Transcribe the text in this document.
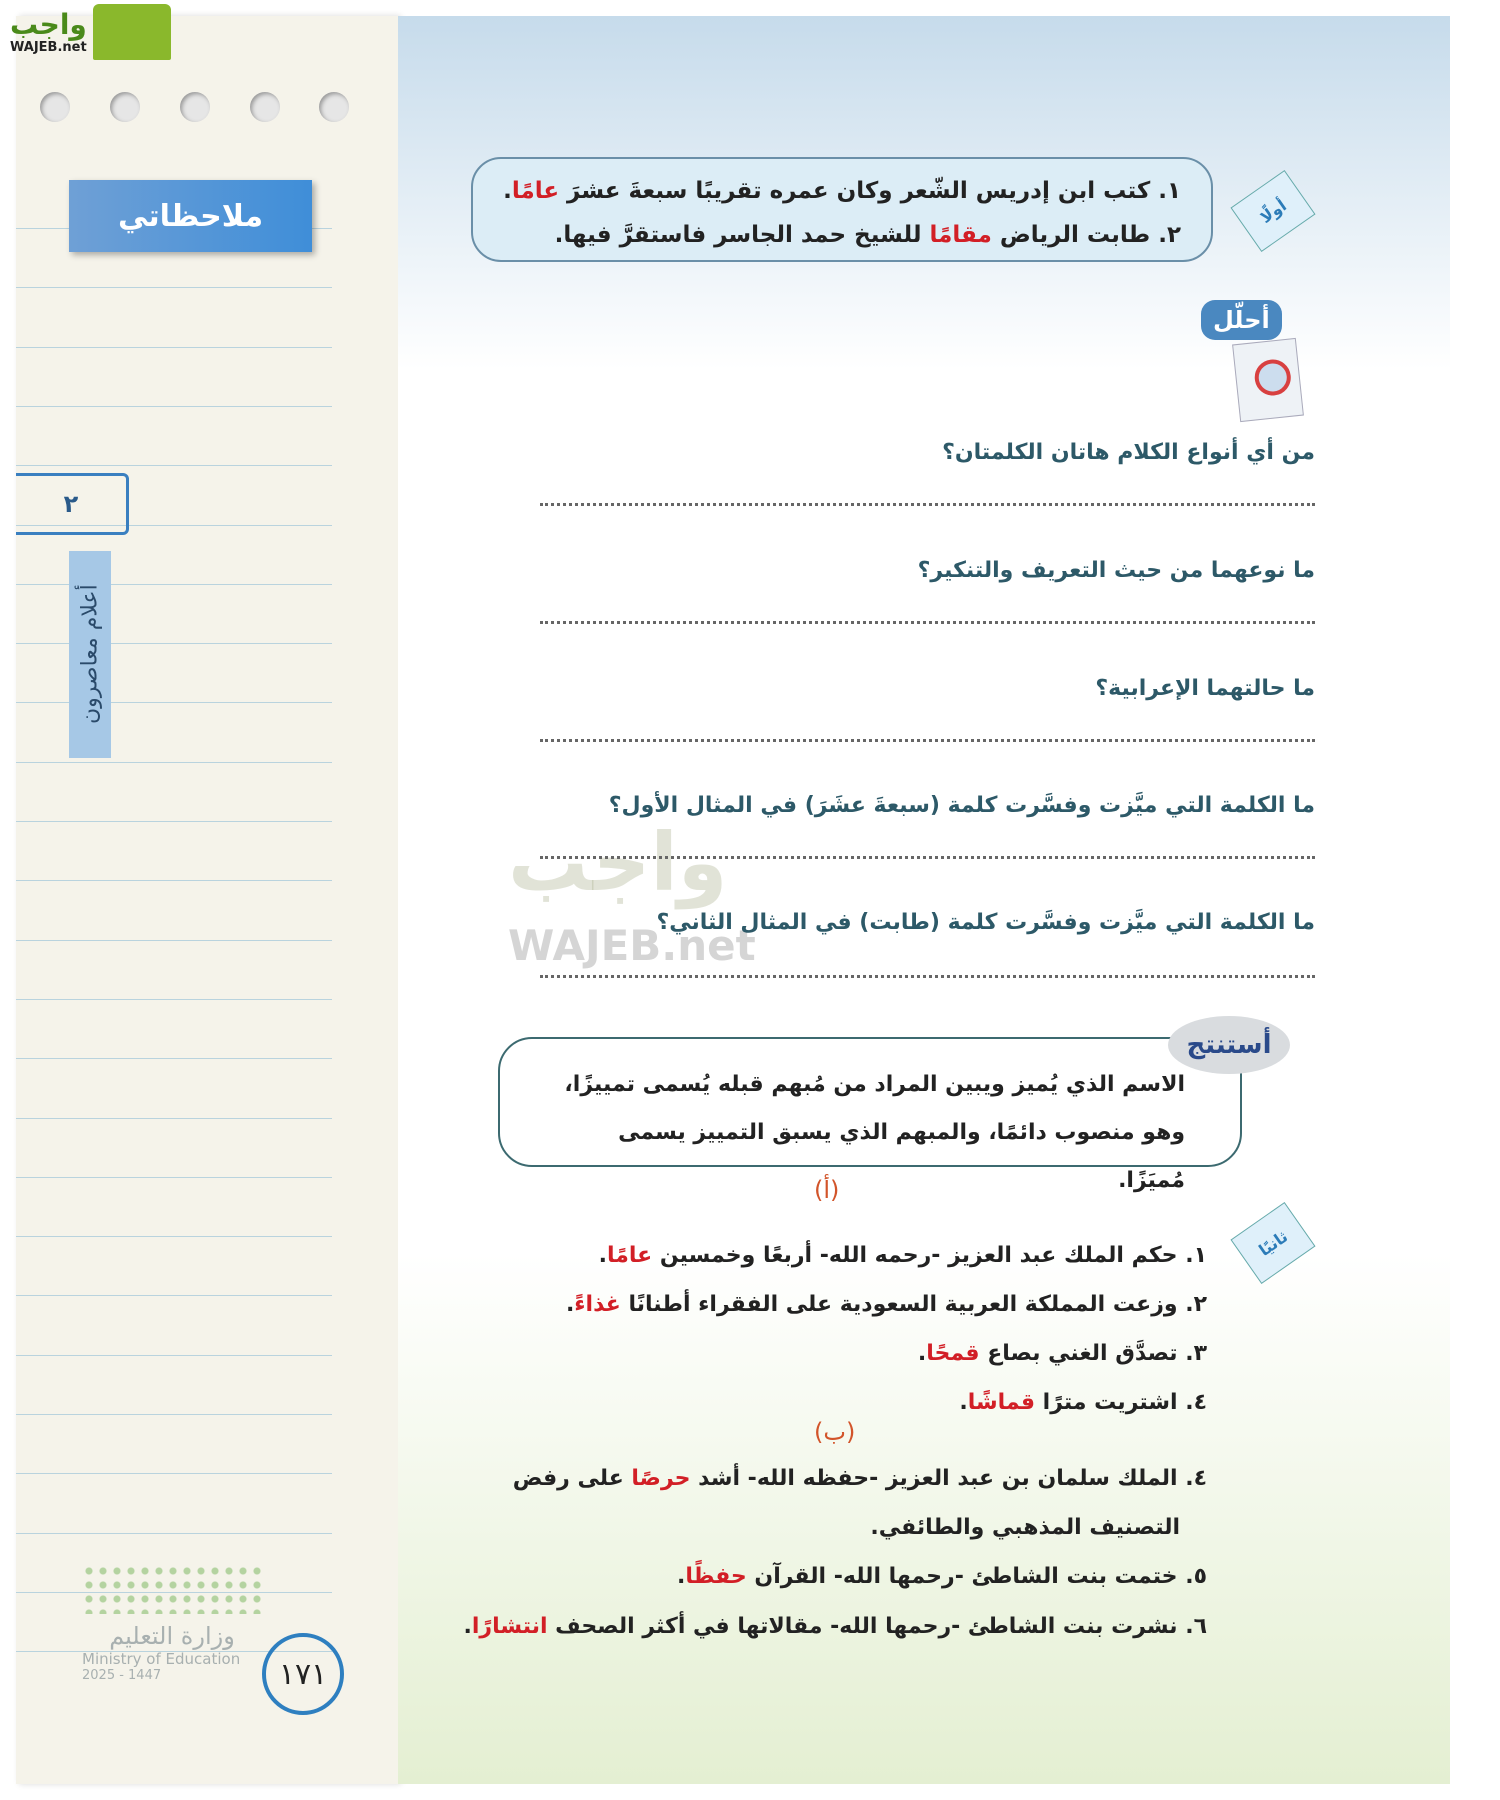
واجب
WAJEB.net
ملاحظاتي
٢
أعلام معاصرون
وزارة التعليم
Ministry of Education
2025 - 1447	١٧١
واجب
WAJEB.net
أولًا
١. كتب ابن إدريس الشّعر وكان عمره تقريبًا سبعةَ عشرَ عامًا.
٢. طابت الرياض مقامًا للشيخ حمد الجاسر فاستقرَّ فيها.
أحلّل
من أي أنواع الكلام هاتان الكلمتان؟
ما نوعهما من حيث التعريف والتنكير؟
ما حالتهما الإعرابية؟
ما الكلمة التي ميَّزت وفسَّرت كلمة (سبعةَ عشَرَ) في المثال الأول؟
ما الكلمة التي ميَّزت وفسَّرت كلمة (طابت) في المثال الثاني؟
الاسم الذي يُميز ويبين المراد من مُبهم قبله يُسمى تمييزًا،
وهو منصوب دائمًا، والمبهم الذي يسبق التمييز يسمى مُميَزًا.
أستنتج
(أ)
ثانيًا
١. حكم الملك عبد العزيز -رحمه الله- أربعًا وخمسين عامًا.
٢. وزعت المملكة العربية السعودية على الفقراء أطنانًا غذاءً.
٣. تصدَّق الغني بصاع قمحًا.
٤. اشتريت مترًا قماشًا.
(ب)
٤. الملك سلمان بن عبد العزيز -حفظه الله- أشد حرصًا على رفض
التصنيف المذهبي والطائفي.
٥. ختمت بنت الشاطئ -رحمها الله- القرآن حفظًا.
٦. نشرت بنت الشاطئ -رحمها الله- مقالاتها في أكثر الصحف انتشارًا.
